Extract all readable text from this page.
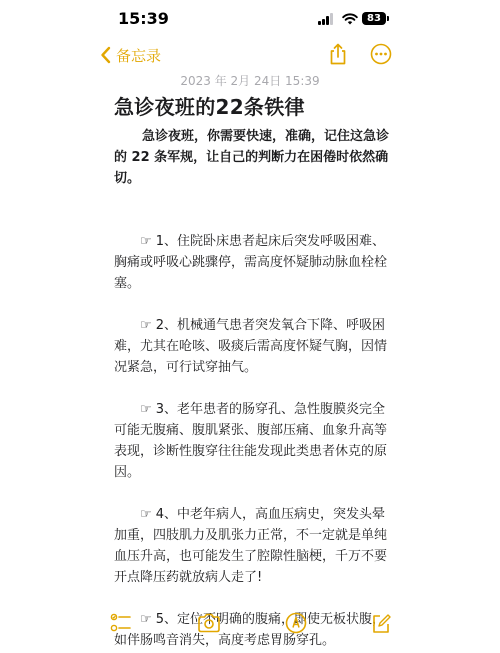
15:39	83
备忘录
2023 年 2月 24日 15:39
急诊夜班的22条铁律

急诊夜班，你需要快速，准确，记住这急诊的 22 条军规，让自己的判断力在困倦时依然确切。

☞ 1、住院卧床患者起床后突发呼吸困难、胸痛或呼吸心跳骤停，需高度怀疑肺动脉血栓栓塞。

☞ 2、机械通气患者突发氧合下降、呼吸困难，尤其在呛咳、吸痰后需高度怀疑气胸，因情况紧急，可行试穿抽气。

☞ 3、老年患者的肠穿孔、急性腹膜炎完全可能无腹痛、腹肌紧张、腹部压痛、血象升高等表现，诊断性腹穿往往能发现此类患者休克的原因。

☞ 4、中老年病人，高血压病史，突发头晕加重，四肢肌力及肌张力正常，不一定就是单纯血压升高，也可能发生了腔隙性脑梗，千万不要开点降压药就放病人走了!

☞ 5、定位不明确的腹痛，即使无板状腹，如伴肠鸣音消失，高度考虑胃肠穿孔。
